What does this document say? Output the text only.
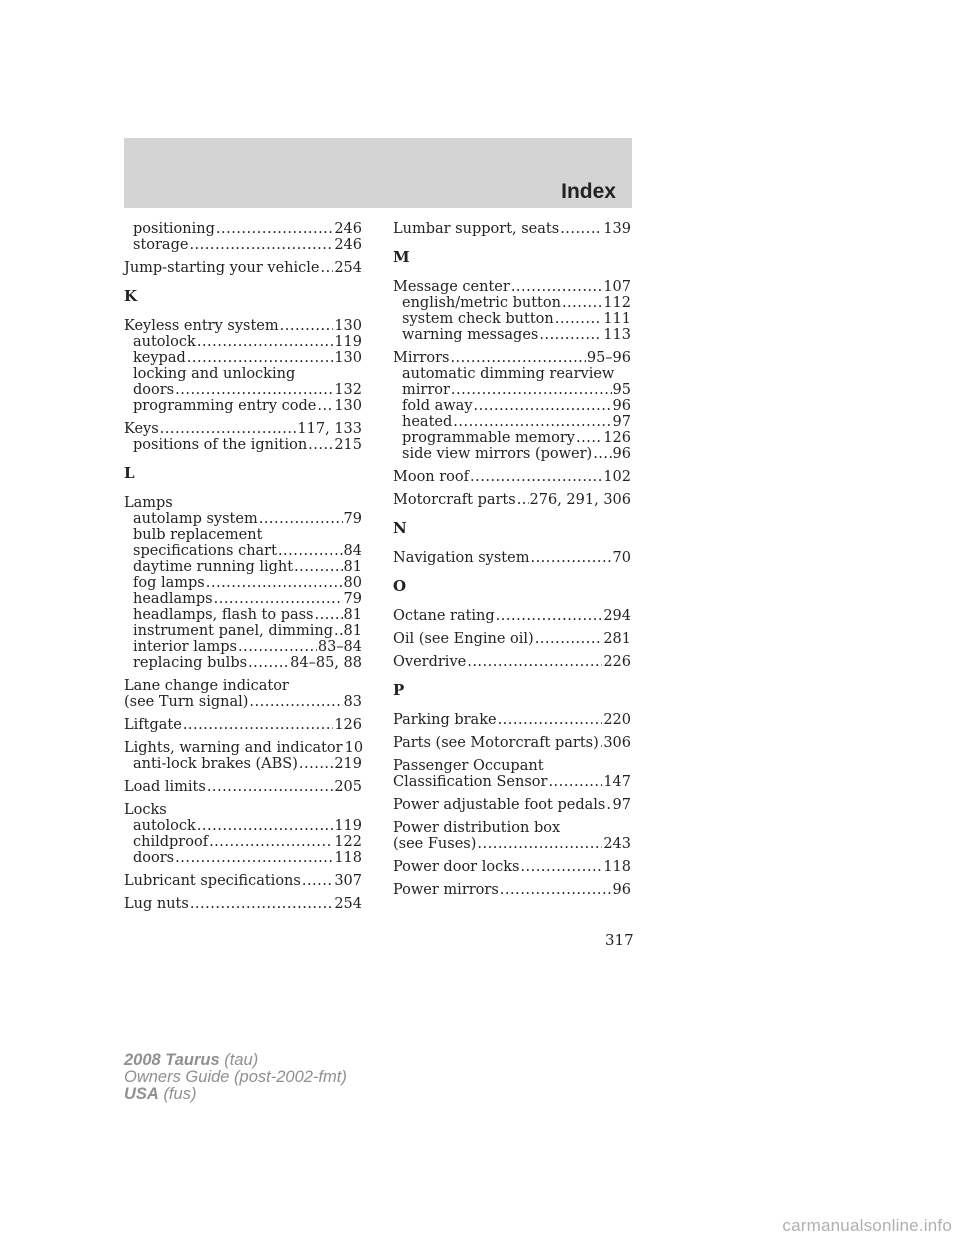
Index
positioning .....	246
storage .....	246
Jump-starting your vehicle ..... 254
K
Keyless entry system .....	130
autolock .....	119
keypad .....	130
locking and unlocking
doors .....	132
programming entry code ..... 130
Keys .....	117, 133
positions of the ignition ..... 215
L
Lamps
autolamp system .....	79
bulb replacement
specifications chart .....	84
daytime running light .....	81
fog lamps .....	80
headlamps .....	79
headlamps, flash to pass ..... 81
instrument panel, dimming ..... 81
interior lamps .....	83–84
replacing bulbs .....	84–85, 88
Lane change indicator
(see Turn signal) .....	83
Liftgate .....	126
Lights, warning and indicator 10
anti-lock brakes (ABS) .....	219
Load limits .....	205
Locks
autolock .....	119
childproof .....	122
doors .....	118
Lubricant specifications ..... 307
Lug nuts .....	254
Lumbar support, seats .....	139
M
Message center .....	107
english/metric button .....	112
system check button .....	111
warning messages .....	113
Mirrors .....	95–96
automatic dimming rearview
mirror .....	95
fold away .....	96
heated .....	97
programmable memory ..... 126
side view mirrors (power) ..... 96
Moon roof .....	102
Motorcraft parts ..... 276, 291, 306
N
Navigation system .....	70
O
Octane rating .....	294
Oil (see Engine oil) .....	281
Overdrive .....	226
P
Parking brake .....	220
Parts (see Motorcraft parts) ..... 306
Passenger Occupant
Classification Sensor .....	147
Power adjustable foot pedals ..... 97
Power distribution box
(see Fuses) .....	243
Power door locks .....	118
Power mirrors .....	96
317
2008 Taurus (tau)
Owners Guide (post-2002-fmt)
USA (fus)
carmanualsonline.info
